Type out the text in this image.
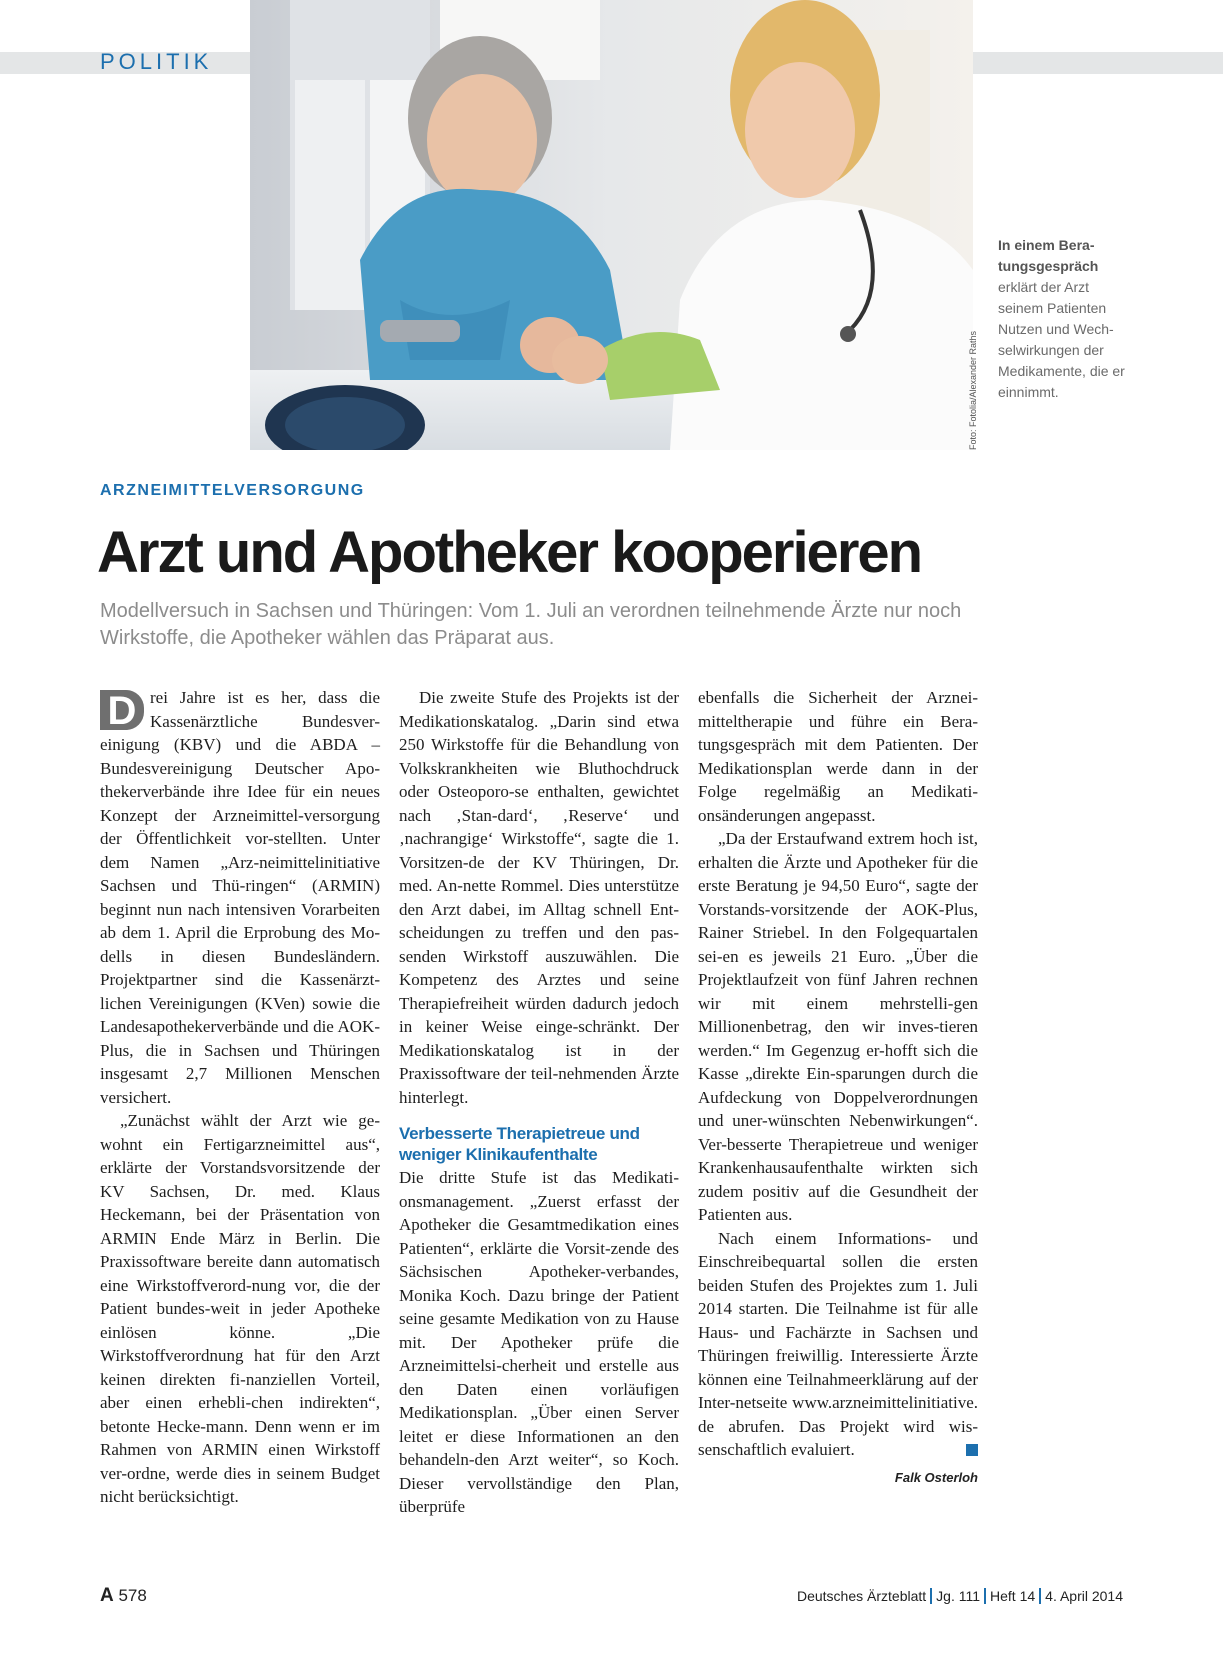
POLITIK
Foto: Fotolia/Alexander Raths
In einem Bera-tungsgespräch erklärt der Arzt seinem Patienten Nutzen und Wech-selwirkungen der Medikamente, die er einnimmt.
ARZNEIMITTELVERSORGUNG
Arzt und Apotheker kooperieren
Modellversuch in Sachsen und Thüringen: Vom 1. Juli an verordnen teilnehmende Ärzte nur noch Wirkstoffe, die Apotheker wählen das Präparat aus.

D rei Jahre ist es her, dass die Kassenärztliche Bundesver-einigung (KBV) und die ABDA – Bundesvereinigung Deutscher Apo-thekerverbände ihre Idee für ein neues Konzept der Arzneimittel-versorgung der Öffentlichkeit vor-stellten. Unter dem Namen „Arz-neimittelinitiative Sachsen und Thü-ringen“ (ARMIN) beginnt nun nach intensiven Vorarbeiten ab dem 1. April die Erprobung des Mo-dells in diesen Bundesländern. Projektpartner sind die Kassenärzt-lichen Vereinigungen (KVen) sowie die Landesapothekerverbände und die AOK-Plus, die in Sachsen und Thüringen insgesamt 2,7 Millionen Menschen versichert.

„Zunächst wählt der Arzt wie ge-wohnt ein Fertigarzneimittel aus“, erklärte der Vorstandsvorsitzende der KV Sachsen, Dr. med. Klaus Heckemann, bei der Präsentation von ARMIN Ende März in Berlin. Die Praxissoftware bereite dann automatisch eine Wirkstoffverord-nung vor, die der Patient bundes-weit in jeder Apotheke einlösen könne. „Die Wirkstoffverordnung hat für den Arzt keinen direkten fi-nanziellen Vorteil, aber einen erhebli-chen indirekten“, betonte Hecke-mann. Denn wenn er im Rahmen von ARMIN einen Wirkstoff ver-ordne, werde dies in seinem Budget nicht berücksichtigt.

Die zweite Stufe des Projekts ist der Medikationskatalog. „Darin sind etwa 250 Wirkstoffe für die Behandlung von Volkskrankheiten wie Bluthochdruck oder Osteoporo-se enthalten, gewichtet nach ‚Stan-dard‘, ‚Reserve‘ und ‚nachrangige‘ Wirkstoffe“, sagte die 1. Vorsitzen-de der KV Thüringen, Dr. med. An-nette Rommel. Dies unterstütze den Arzt dabei, im Alltag schnell Ent-scheidungen zu treffen und den pas-senden Wirkstoff auszuwählen. Die Kompetenz des Arztes und seine Therapiefreiheit würden dadurch jedoch in keiner Weise einge-schränkt. Der Medikationskatalog ist in der Praxissoftware der teil-nehmenden Ärzte hinterlegt.

Verbesserte Therapietreue und weniger Klinikaufenthalte

Die dritte Stufe ist das Medikati-onsmanagement. „Zuerst erfasst der Apotheker die Gesamtmedikation eines Patienten“, erklärte die Vorsit-zende des Sächsischen Apotheker-verbandes, Monika Koch. Dazu bringe der Patient seine gesamte Medikation von zu Hause mit. Der Apotheker prüfe die Arzneimittelsi-cherheit und erstelle aus den Daten einen vorläufigen Medikationsplan. „Über einen Server leitet er diese Informationen an den behandeln-den Arzt weiter“, so Koch. Dieser vervollständige den Plan, überprüfe

ebenfalls die Sicherheit der Arznei-mitteltherapie und führe ein Bera-tungsgespräch mit dem Patienten. Der Medikationsplan werde dann in der Folge regelmäßig an Medikati-onsänderungen angepasst.

„Da der Erstaufwand extrem hoch ist, erhalten die Ärzte und Apotheker für die erste Beratung je 94,50 Euro“, sagte der Vorstands-vorsitzende der AOK-Plus, Rainer Striebel. In den Folgequartalen sei-en es jeweils 21 Euro. „Über die Projektlaufzeit von fünf Jahren rechnen wir mit einem mehrstelli-gen Millionenbetrag, den wir inves-tieren werden.“ Im Gegenzug er-hofft sich die Kasse „direkte Ein-sparungen durch die Aufdeckung von Doppelverordnungen und uner-wünschten Nebenwirkungen“. Ver-besserte Therapietreue und weniger Krankenhausaufenthalte wirkten sich zudem positiv auf die Gesundheit der Patienten aus.

Nach einem Informations- und Einschreibequartal sollen die ersten beiden Stufen des Projektes zum 1. Juli 2014 starten. Die Teilnahme ist für alle Haus- und Fachärzte in Sachsen und Thüringen freiwillig. Interessierte Ärzte können eine Teilnahmeerklärung auf der Inter-netseite www.arzneimittelinitiative. de abrufen. Das Projekt wird wis-senschaftlich evaluiert.

Falk Osterloh
A 578	Deutsches Ärzteblatt Jg. 111 Heft 14 4. April 2014
